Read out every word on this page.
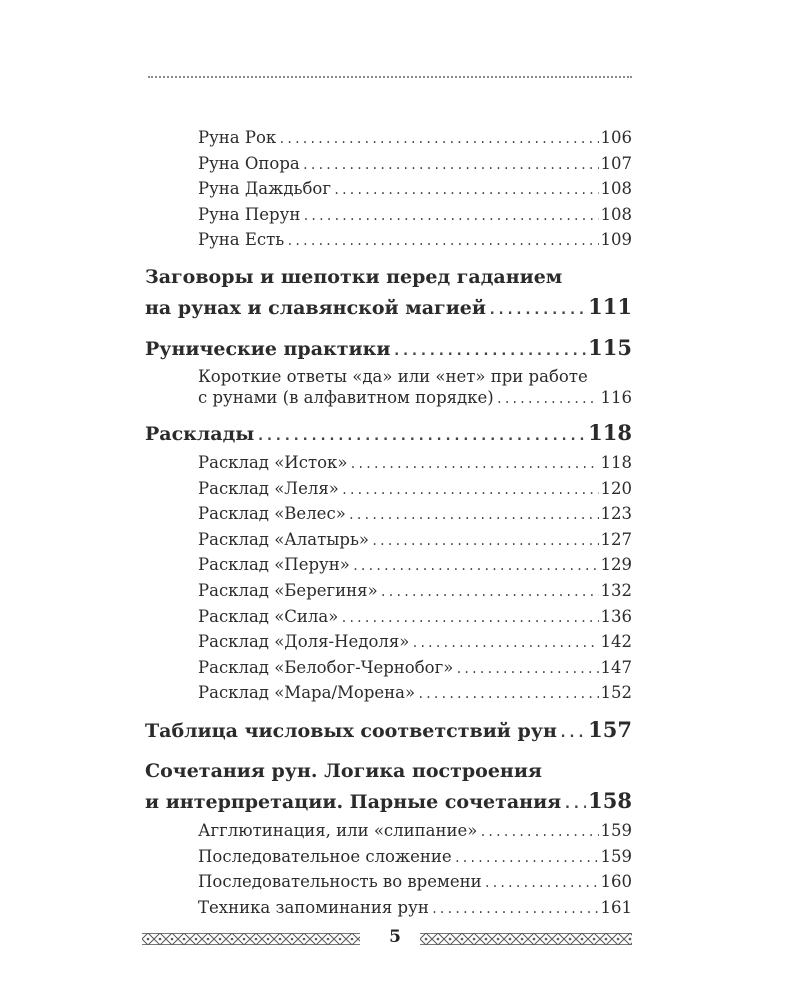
Руна Рок .....	106
Руна Опора .....	107
Руна Даждьбог .....	108
Руна Перун .....	108
Руна Есть .....	109
Заговоры и шепотки перед гаданием
на рунах и славянской магией .....	111
Рунические практики .....	115
Короткие ответы «да» или «нет» при работе
с рунами (в алфавитном порядке) .....	116
Расклады .....	118
Расклад «Исток» .....	118
Расклад «Леля» .....	120
Расклад «Велес» .....	123
Расклад «Алатырь» .....	127
Расклад «Перун» .....	129
Расклад «Берегиня» .....	132
Расклад «Сила» .....	136
Расклад «Доля-Недоля» .....	142
Расклад «Белобог-Чернобог» .....	147
Расклад «Мара/Морена» .....	152
Таблица числовых соответствий рун ..... 157
Сочетания рун. Логика построения
и интерпретации. Парные сочетания ..... 158
Агглютинация, или «слипание» .....	159
Последовательное сложение .....	159
Последовательность во времени .....	160
Техника запоминания рун .....	161
5
